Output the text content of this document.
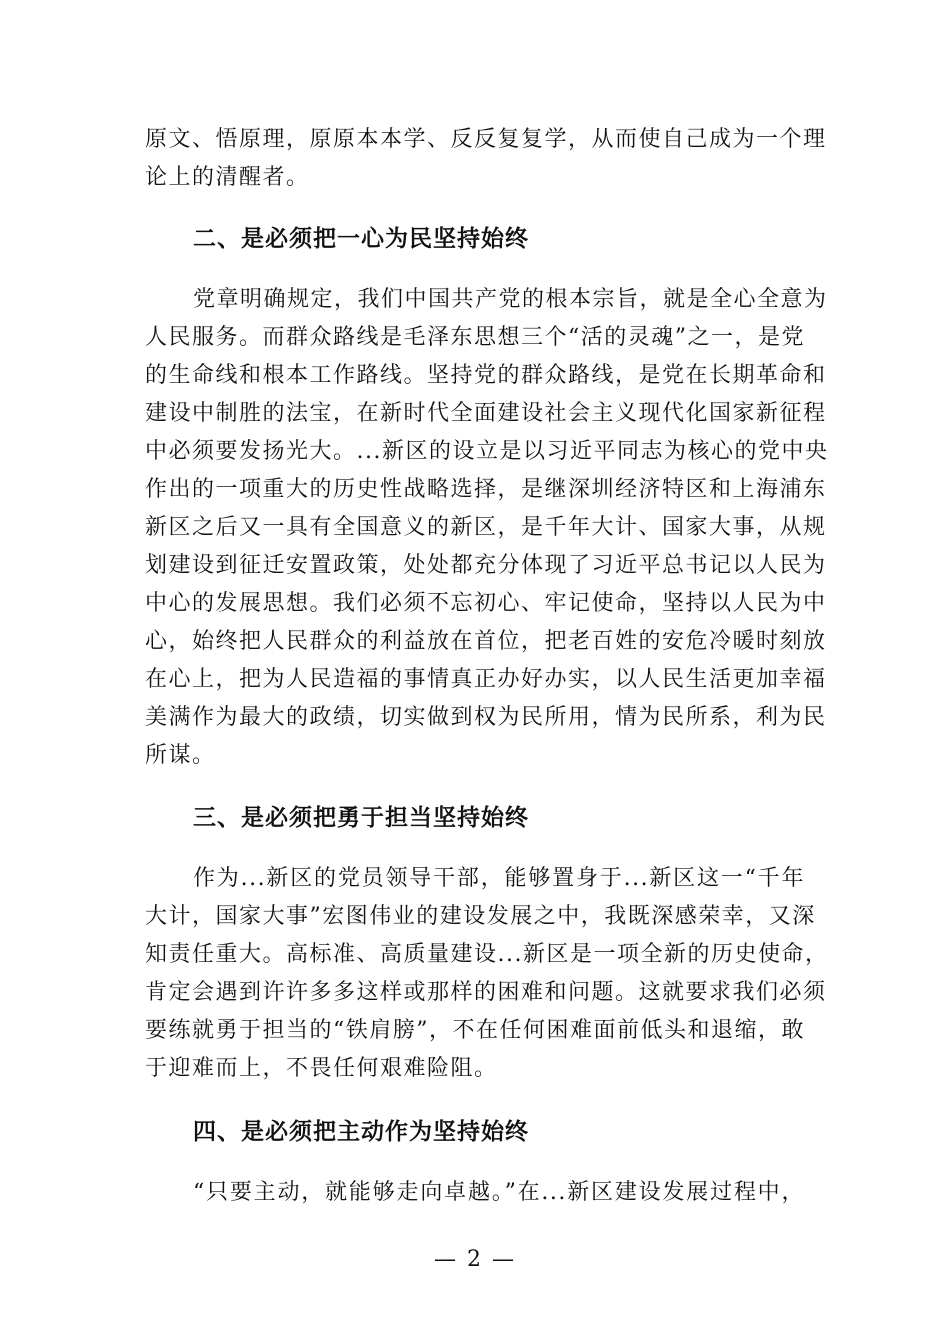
原文、悟原理，原原本本学、反反复复学，从而使自己成为一个理
论上的清醒者。
二、是必须把一心为民坚持始终
党章明确规定，我们中国共产党的根本宗旨，就是全心全意为
人民服务。而群众路线是毛泽东思想三个“活的灵魂”之一，是党
的生命线和根本工作路线。坚持党的群众路线，是党在长期革命和
建设中制胜的法宝，在新时代全面建设社会主义现代化国家新征程
中必须要发扬光大。...新区的设立是以习近平同志为核心的党中央
作出的一项重大的历史性战略选择，是继深圳经济特区和上海浦东
新区之后又一具有全国意义的新区，是千年大计、国家大事，从规
划建设到征迁安置政策，处处都充分体现了习近平总书记以人民为
中心的发展思想。我们必须不忘初心、牢记使命，坚持以人民为中
心，始终把人民群众的利益放在首位，把老百姓的安危冷暖时刻放
在心上，把为人民造福的事情真正办好办实，以人民生活更加幸福
美满作为最大的政绩，切实做到权为民所用，情为民所系，利为民
所谋。
三、是必须把勇于担当坚持始终
作为...新区的党员领导干部，能够置身于...新区这一“千年
大计，国家大事”宏图伟业的建设发展之中，我既深感荣幸，又深
知责任重大。高标准、高质量建设...新区是一项全新的历史使命，
肯定会遇到许许多多这样或那样的困难和问题。这就要求我们必须
要练就勇于担当的“铁肩膀”，不在任何困难面前低头和退缩，敢
于迎难而上，不畏任何艰难险阻。
四、是必须把主动作为坚持始终
“只要主动，就能够走向卓越。”在...新区建设发展过程中，
— 2 —
